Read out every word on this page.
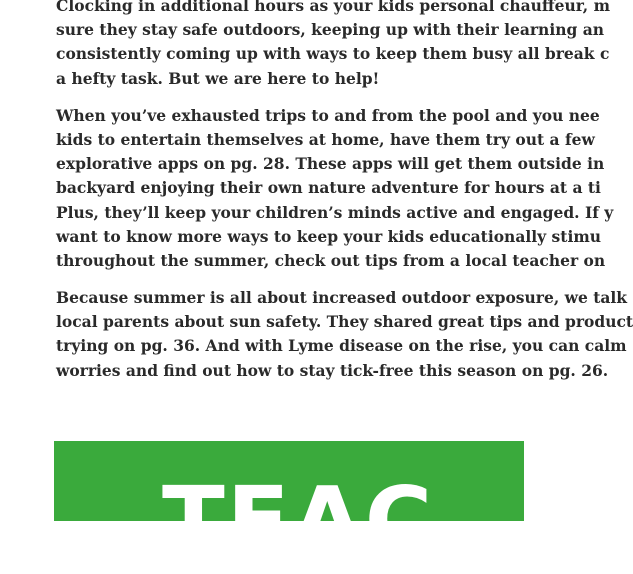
Clocking in additional hours as your kids personal chauffeur, m
sure they stay safe outdoors, keeping up with their learning an
consistently coming up with ways to keep them busy all break c
a hefty task. But we are here to help!

When you’ve exhausted trips to and from the pool and you nee
kids to entertain themselves at home, have them try out a few
explorative apps on pg. 28. These apps will get them outside in
backyard enjoying their own nature adventure for hours at a ti
Plus, they’ll keep your children’s minds active and engaged. If y
want to know more ways to keep your kids educationally stimu
throughout the summer, check out tips from a local teacher on

Because summer is all about increased outdoor exposure, we talk
local parents about sun safety. They shared great tips and product
trying on pg. 36. And with Lyme disease on the rise, you can calm
worries and find out how to stay tick-free this season on pg. 26.

TEAC
